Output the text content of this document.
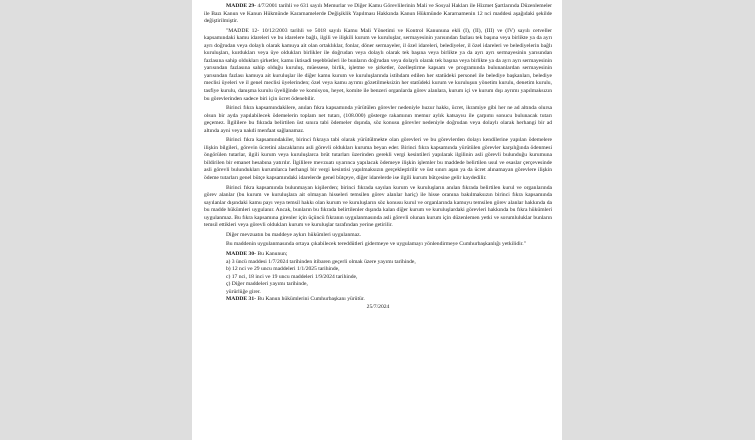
MADDE 29- 4/7/2001 tarihli ve 631 sayılı Memurlar ve Diğer Kamu Görevlilerinin Mali ve Sosyal Hakları ile Hizmet Şartlarında Düzenlemeler ile Bazı Kanun ve Kanun Hükmünde Kararnamelerde Değişiklik Yapılması Hakkında Kanun Hükmünde Kararnamenin 12 nci maddesi aşağıdaki şekilde değiştirilmiştir.

"MADDE 12- 10/12/2003 tarihli ve 5018 sayılı Kamu Mali Yönetimi ve Kontrol Kanununa ekli (I), (II), (III) ve (IV) sayılı cetveller kapsamındaki kamu idareleri ve bu idarelere bağlı, ilgili ve ilişkili kurum ve kuruluşlar, sermayesinin yarısından fazlası tek başına veya birlikte ya da ayrı ayrı doğrudan veya dolaylı olarak kamuya ait olan ortaklıklar, fonlar, döner sermayeler, il özel idareleri, belediyeler, il özel idareleri ve belediyelerin bağlı kuruluşları, kurdukları veya üye oldukları birlikler ile doğrudan veya dolaylı olarak tek başına veya birlikte ya da ayrı ayrı sermayesinin yarısından fazlasına sahip oldukları şirketler, kamu iktisadi teşebbüsleri ile bunların doğrudan veya dolaylı olarak tek başına veya birlikte ya da ayrı ayrı sermayesinin yarısından fazlasına sahip olduğu kuruluş, müessese, birlik, işletme ve şirketler, özelleştirme kapsam ve programında bulunanlardan sermayesinin yarısından fazlası kamuya ait kuruluşlar ile diğer kamu kurum ve kuruluşlarında istihdam edilen her statüdeki personel ile belediye başkanları, belediye meclisi üyeleri ve il genel meclisi üyelerinden; özel veya kamu ayrımı gözetilmeksizin her statüdeki kurum ve kuruluşun yönetim kurulu, denetim kurulu, tasfiye kurulu, danışma kurulu üyeliğinde ve komisyon, heyet, komite ile benzeri organlarda görev alanlara, kurum içi ve kurum dışı ayrımı yapılmaksızın bu görevlerinden sadece biri için ücret ödenebilir.

Birinci fıkra kapsamındakilere, anılan fıkra kapsamında yürütülen görevler nedeniyle huzur hakkı, ücret, ikramiye gibi her ne ad altında olursa olsun bir ayda yapılabilecek ödemelerin toplam net tutarı, (108.000) gösterge rakamının memur aylık katsayısı ile çarpımı sonucu bulunacak tutarı geçemez. İlgililere bu fıkrada belirtilen üst sınıra tabi ödemeler dışında, söz konusu görevler nedeniyle doğrudan veya dolaylı olarak herhangi bir ad altında ayni veya nakdi menfaat sağlanamaz.

Birinci fıkra kapsamındakiler, birinci fıkraya tabi olarak yürütülmekte olan görevleri ve bu görevlerden dolayı kendilerine yapılan ödemelere ilişkin bilgileri, görevin ücretini alacaklarını asli görevli oldukları kuruma beyan eder. Birinci fıkra kapsamında yürütülen görevler karşılığında ödenmesi öngörülen tutarlar, ilgili kurum veya kuruluşlarca brüt tutarları üzerinden gerekli vergi kesintileri yapılarak ilgilinin asli görevli bulunduğu kurumuna bildirilen bir emanet hesabına yatırılır. İlgililere mevzuatı uyarınca yapılacak ödemeye ilişkin işlemler bu maddede belirtilen usul ve esaslar çerçevesinde asli görevli bulundukları kurumlarca herhangi bir vergi kesintisi yapılmaksızın gerçekleştirilir ve üst sınırı aşan ya da ücret alınamayan görevlere ilişkin ödeme tutarları genel bütçe kapsamındaki idarelerde genel bütçeye, diğer idarelerde ise ilgili kurum bütçesine gelir kaydedilir.

Birinci fıkra kapsamında bulunmayan kişilerden; birinci fıkrada sayılan kurum ve kuruluşların anılan fıkrada belirtilen kurul ve organlarında görev alanlar (bu kurum ve kuruluşlara ait olmayan hisseleri temsilen görev alanlar hariç) ile hisse oranına bakılmaksızın birinci fıkra kapsamında sayılanlar dışındaki kamu payı veya temsil hakkı olan kurum ve kuruluşların söz konusu kurul ve organlarında kamuyu temsilen görev alanlar hakkında da bu madde hükümleri uygulanır. Ancak, bunların bu fıkrada belirtilenler dışında kalan diğer kurum ve kuruluşlardaki görevleri hakkında bu fıkra hükümleri uygulanmaz. Bu fıkra kapsamına girenler için üçüncü fıkranın uygulanmasında asli görevli olunan kurum için düzenlemen yetki ve sorumluluklar bunların temsil ettikleri veya görevli oldukları kurum ve kuruluşlar tarafından yerine getirilir.

Diğer mevzuatın bu maddeye aykırı hükümleri uygulanmaz.

Bu maddenin uygulanmasında ortaya çıkabilecek tereddütleri gidermeye ve uygulamayı yönlendirmeye Cumhurbaşkanlığı yetkilidir."

MADDE 30- Bu Kanunun;

a) 3 üncü maddesi 1/7/2024 tarihinden itibaren geçerli olmak üzere yayımı tarihinde,

b) 12 nci ve 29 uncu maddeleri 1/1/2025 tarihinde,

c) 17 nci, 18 inci ve 19 uncu maddeleri 1/9/2024 tarihinde,

ç) Diğer maddeleri yayımı tarihinde,

yürürlüğe girer.

MADDE 31- Bu Kanun hükümlerini Cumhurbaşkanı yürütür.

25/7/2024
